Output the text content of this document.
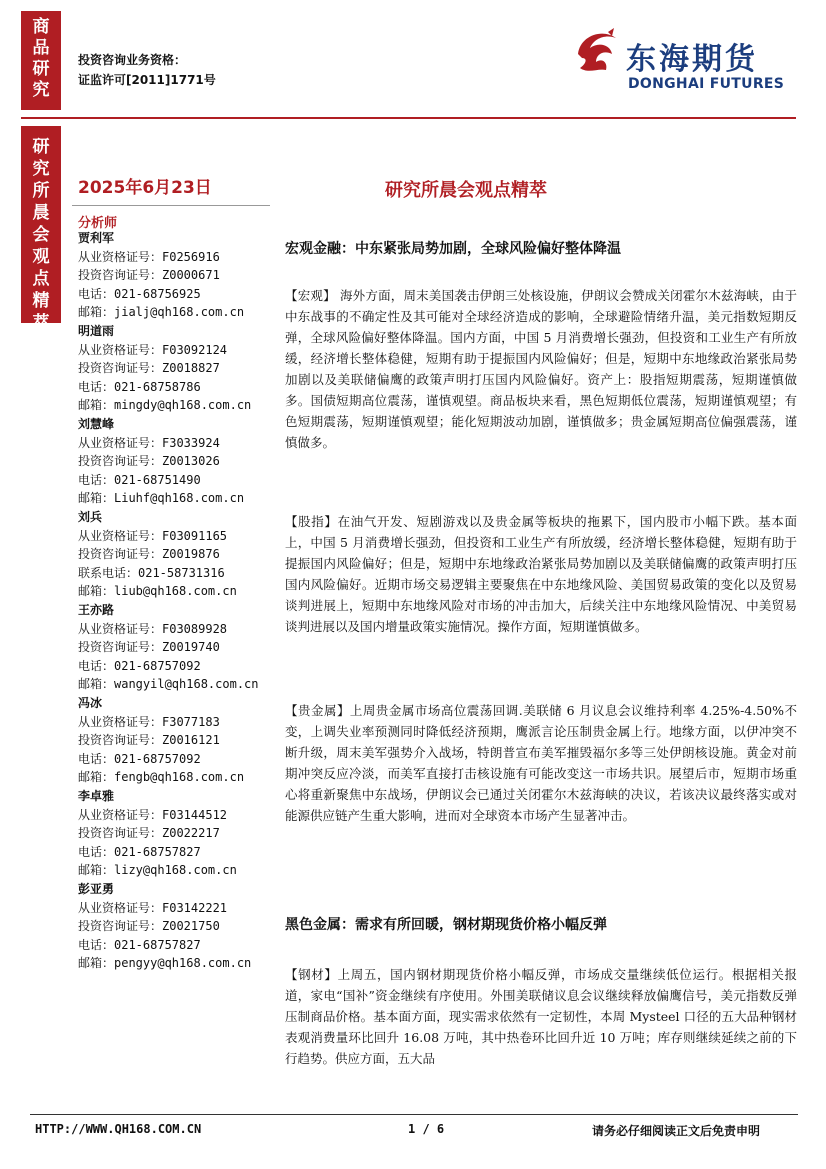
商
品
研
究
研
究
所
晨
会
观
点
精
萃
投资咨询业务资格：
证监许可[2011]1771号
东海期货
DONGHAI FUTURES
2025年6月23日
分析师
贾利军
从业资格证号：F0256916
投资咨询证号：Z0000671
电话：021-68756925
邮箱：jialj@qh168.com.cn
明道雨
从业资格证号：F03092124
投资咨询证号：Z0018827
电话：021-68758786
邮箱：mingdy@qh168.com.cn
刘慧峰
从业资格证号：F3033924
投资咨询证号：Z0013026
电话：021-68751490
邮箱：Liuhf@qh168.com.cn
刘兵
从业资格证号：F03091165
投资咨询证号：Z0019876
联系电话：021-58731316
邮箱：liub@qh168.com.cn
王亦路
从业资格证号：F03089928
投资咨询证号：Z0019740
电话：021-68757092
邮箱：wangyil@qh168.com.cn
冯冰
从业资格证号：F3077183
投资咨询证号：Z0016121
电话：021-68757092
邮箱：fengb@qh168.com.cn
李卓雅
从业资格证号：F03144512
投资咨询证号：Z0022217
电话：021-68757827
邮箱：lizy@qh168.com.cn
彭亚勇
从业资格证号：F03142221
投资咨询证号：Z0021750
电话：021-68757827
邮箱：pengyy@qh168.com.cn
研究所晨会观点精萃
宏观金融：中东紧张局势加剧，全球风险偏好整体降温
【宏观】 海外方面，周末美国袭击伊朗三处核设施，伊朗议会赞成关闭霍尔木兹海峡，由于中东战事的不确定性及其可能对全球经济造成的影响，全球避险情绪升温，美元指数短期反弹，全球风险偏好整体降温。国内方面，中国 5 月消费增长强劲，但投资和工业生产有所放缓，经济增长整体稳健，短期有助于提振国内风险偏好；但是，短期中东地缘政治紧张局势加剧以及美联储偏鹰的政策声明打压国内风险偏好。资产上：股指短期震荡，短期谨慎做多。国债短期高位震荡，谨慎观望。商品板块来看，黑色短期低位震荡，短期谨慎观望；有色短期震荡，短期谨慎观望；能化短期波动加剧，谨慎做多；贵金属短期高位偏强震荡，谨慎做多。
【股指】在油气开发、短剧游戏以及贵金属等板块的拖累下，国内股市小幅下跌。基本面上，中国 5 月消费增长强劲，但投资和工业生产有所放缓，经济增长整体稳健，短期有助于提振国内风险偏好；但是，短期中东地缘政治紧张局势加剧以及美联储偏鹰的政策声明打压国内风险偏好。近期市场交易逻辑主要聚焦在中东地缘风险、美国贸易政策的变化以及贸易谈判进展上，短期中东地缘风险对市场的冲击加大，后续关注中东地缘风险情况、中美贸易谈判进展以及国内增量政策实施情况。操作方面，短期谨慎做多。
【贵金属】上周贵金属市场高位震荡回调.美联储 6 月议息会议维持利率 4.25%-4.50%不变，上调失业率预测同时降低经济预期，鹰派言论压制贵金属上行。地缘方面，以伊冲突不断升级，周末美军强势介入战场，特朗普宣布美军摧毁福尔多等三处伊朗核设施。黄金对前期冲突反应冷淡，而美军直接打击核设施有可能改变这一市场共识。展望后市，短期市场重心将重新聚焦中东战场，伊朗议会已通过关闭霍尔木兹海峡的决议，若该决议最终落实或对能源供应链产生重大影响，进而对全球资本市场产生显著冲击。
黑色金属：需求有所回暖，钢材期现货价格小幅反弹
【钢材】上周五，国内钢材期现货价格小幅反弹，市场成交量继续低位运行。根据相关报道，家电“国补”资金继续有序使用。外围美联储议息会议继续释放偏鹰信号，美元指数反弹压制商品价格。基本面方面，现实需求依然有一定韧性，本周 Mysteel 口径的五大品种钢材表观消费量环比回升 16.08 万吨，其中热卷环比回升近 10 万吨；库存则继续延续之前的下行趋势。供应方面，五大品
HTTP://WWW.QH168.COM.CN	1 / 6	请务必仔细阅读正文后免责申明
